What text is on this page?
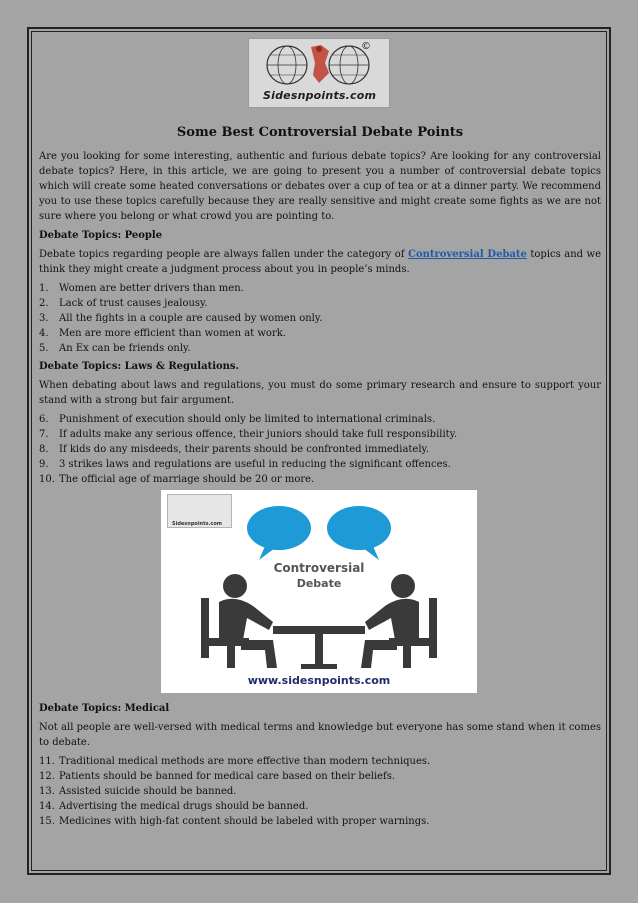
©
Sidesnpoints.com
Some Best Controversial Debate Points

Are you looking for some interesting, authentic and furious debate topics? Are looking for any controversial debate topics? Here, in this article, we are going to present you a number of controversial debate topics which will create some heated conversations or debates over a cup of tea or at a dinner party. We recommend you to use these topics carefully because they are really sensitive and might create some fights as we are not sure where you belong or what crowd you are pointing to.

Debate Topics: People

Debate topics regarding people are always fallen under the category of Controversial Debate topics and we think they might create a judgment process about you in people’s minds.

1.	Women are better drivers than men.
2.	Lack of trust causes jealousy.
3.	All the fights in a couple are caused by women only.
4.	Men are more efficient than women at work.
5.	An Ex can be friends only.
Debate Topics: Laws & Regulations.

When debating about laws and regulations, you must do some primary research and ensure to support your stand with a strong but fair argument.

6.	Punishment of execution should only be limited to international criminals.
7.	If adults make any serious offence, their juniors should take full responsibility.
8.	If kids do any misdeeds, their parents should be confronted immediately.
9.	3 strikes laws and regulations are useful in reducing the significant offences.
10. The official age of marriage should be 20 or more.
Sidesnpoints.com
Controversial
Debate
www.sidesnpoints.com
Debate Topics: Medical

Not all people are well-versed with medical terms and knowledge but everyone has some stand when it comes to debate.

11. Traditional medical methods are more effective than modern techniques.
12. Patients should be banned for medical care based on their beliefs.
13. Assisted suicide should be banned.
14. Advertising the medical drugs should be banned.
15. Medicines with high-fat content should be labeled with proper warnings.
